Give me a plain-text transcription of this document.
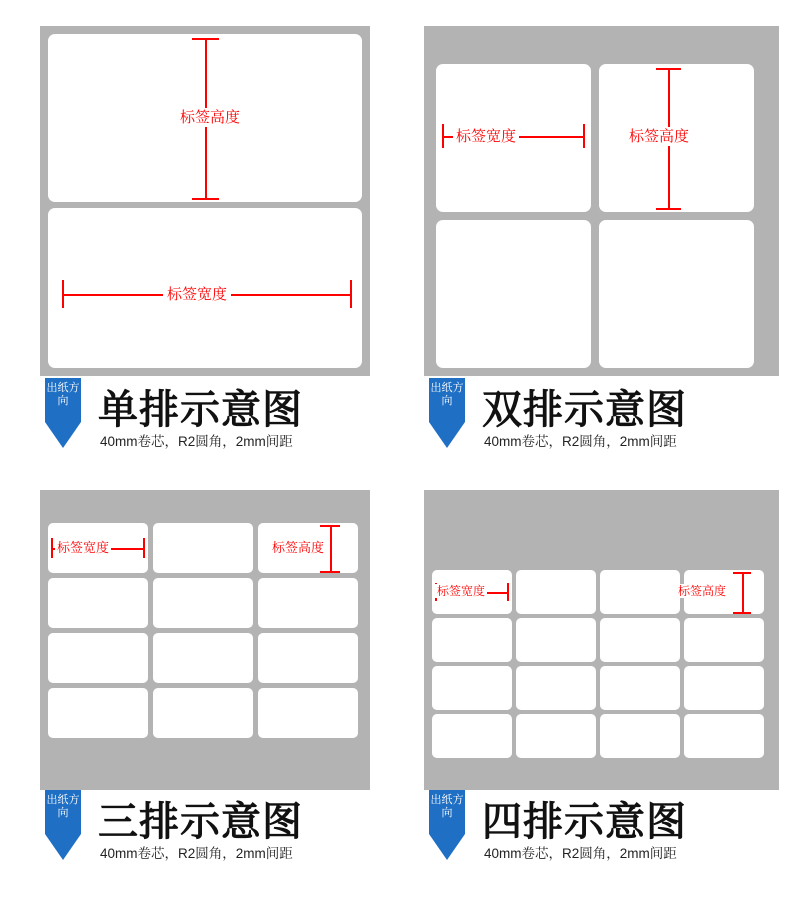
标签高度
标签宽度
标签宽度	标签高度
标签宽度	标签高度
标签宽度	标签高度
出纸方向 单排示意图
40mm卷芯，R2圆角，2mm间距
出纸方向 双排示意图
40mm卷芯，R2圆角，2mm间距
出纸方向 三排示意图
40mm卷芯，R2圆角，2mm间距
出纸方向 四排示意图
40mm卷芯，R2圆角，2mm间距
